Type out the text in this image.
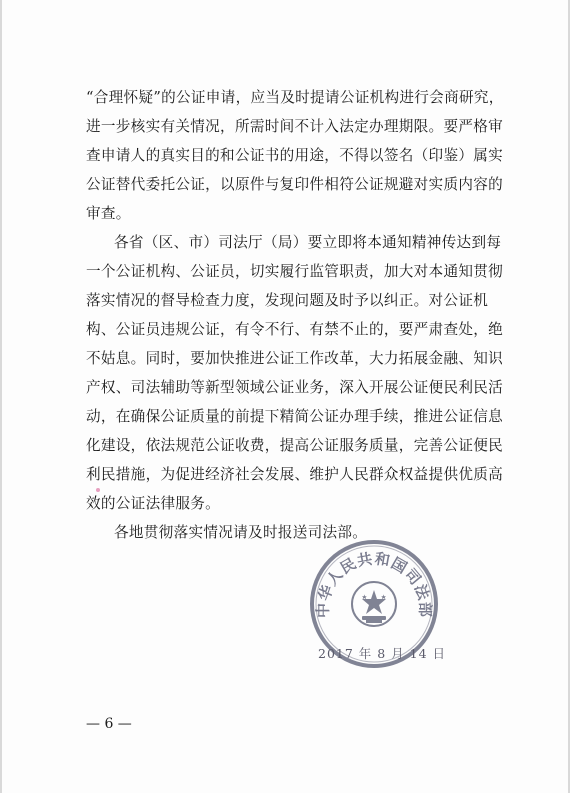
“合理怀疑”的公证申请，应当及时提请公证机构进行会商研究，
进一步核实有关情况，所需时间不计入法定办理期限。要严格审
查申请人的真实目的和公证书的用途，不得以签名（印鉴）属实
公证替代委托公证，以原件与复印件相符公证规避对实质内容的
审查。
各省（区、市）司法厅（局）要立即将本通知精神传达到每
一个公证机构、公证员，切实履行监管职责，加大对本通知贯彻
落实情况的督导检查力度，发现问题及时予以纠正。对公证机
构、公证员违规公证，有令不行、有禁不止的，要严肃查处，绝
不姑息。同时，要加快推进公证工作改革，大力拓展金融、知识
产权、司法辅助等新型领域公证业务，深入开展公证便民利民活
动，在确保公证质量的前提下精简公证办理手续，推进公证信息
化建设，依法规范公证收费，提高公证服务质量，完善公证便民
利民措施，为促进经济社会发展、维护人民群众权益提供优质高
效的公证法律服务。
各地贯彻落实情况请及时报送司法部。
中华人民共和国司法部
2017 年 8 月 14 日
— 6 —
